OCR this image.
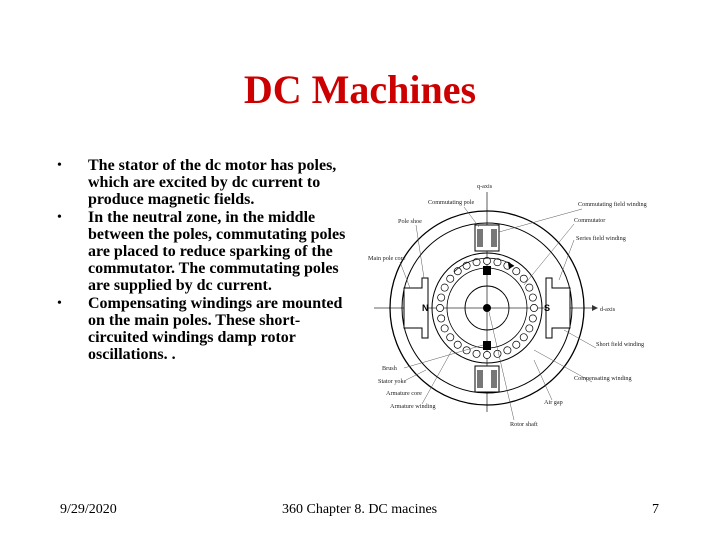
DC Machines
• The stator of the dc motor has poles, which are excited by dc current to produce magnetic fields.
• In the neutral zone, in the middle between the poles, commutating poles are placed to reduce sparking of the commutator. The commutating poles are supplied by dc current.
• Compensating windings are mounted on the main poles. These short-circuited windings damp rotor oscillations. .
N	S
q-axis
Commutating pole	Commutating field winding
Pole shoe	Commutator
Main pole core
Series field winding
d-axis
Short field winding
Brush
Stator yoke
Armature core
Armature winding
Compensating winding
Air gap
Rotor shaft
9/29/2020	360 Chapter 8. DC macines	7
